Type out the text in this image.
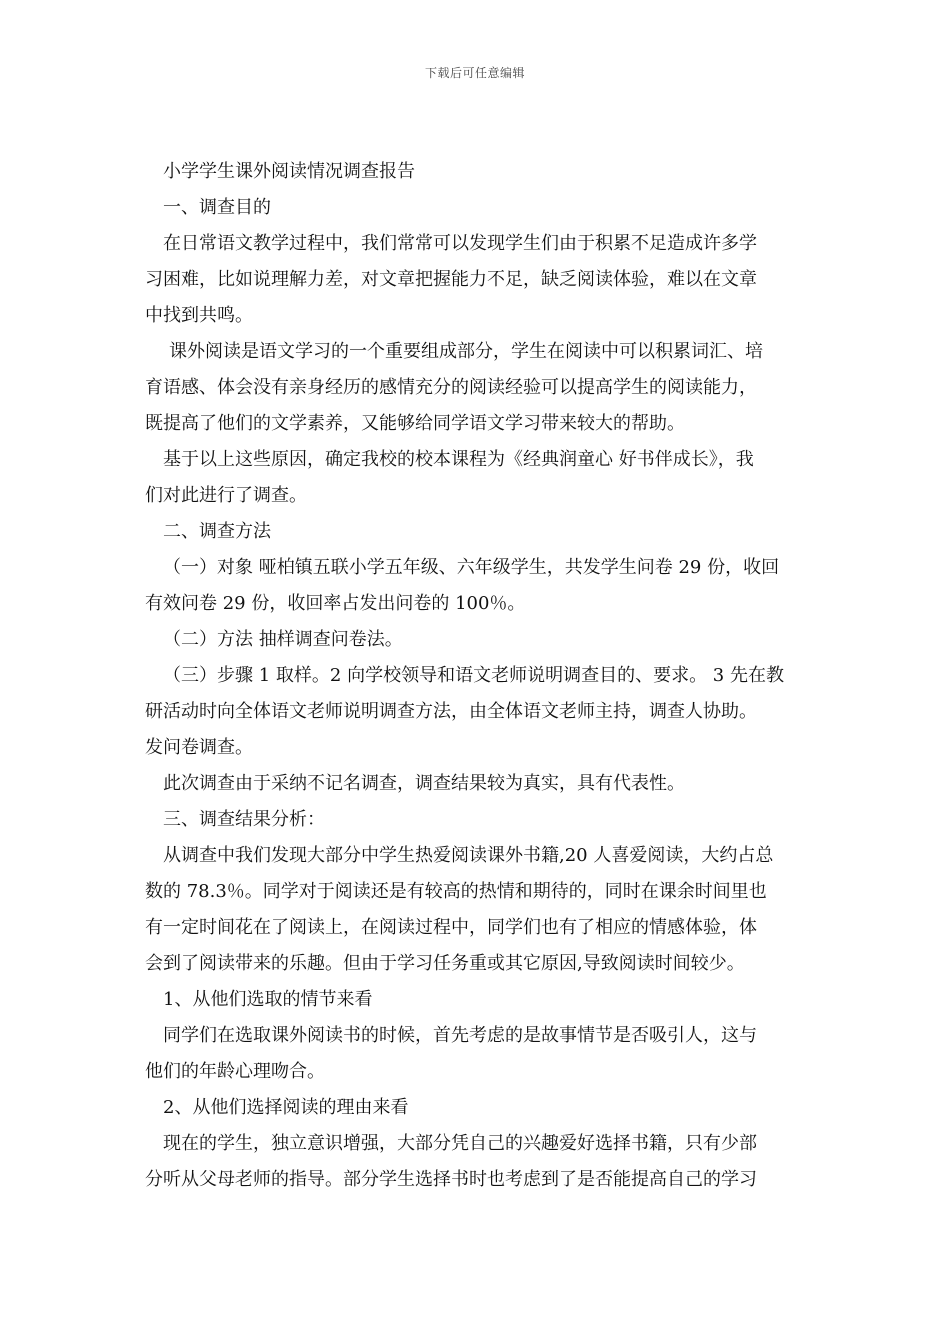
下载后可任意编辑
小学学生课外阅读情况调查报告
一、调查目的
在日常语文教学过程中，我们常常可以发现学生们由于积累不足造成许多学
习困难，比如说理解力差，对文章把握能力不足，缺乏阅读体验，难以在文章
中找到共鸣。
课外阅读是语文学习的一个重要组成部分，学生在阅读中可以积累词汇、培
育语感、体会没有亲身经历的感情充分的阅读经验可以提高学生的阅读能力，
既提高了他们的文学素养，又能够给同学语文学习带来较大的帮助。
基于以上这些原因，确定我校的校本课程为《经典润童心 好书伴成长》，我
们对此进行了调查。
二、调查方法
（一）对象 哑柏镇五联小学五年级、六年级学生，共发学生问卷 29 份，收回
有效问卷 29 份，收回率占发出问卷的 100％。
（二）方法 抽样调查问卷法。
（三）步骤 1 取样。2 向学校领导和语文老师说明调查目的、要求。 3 先在教
研活动时向全体语文老师说明调查方法，由全体语文老师主持，调查人协助。
发问卷调查。
此次调查由于采纳不记名调查，调查结果较为真实，具有代表性。
三、调查结果分析：
从调查中我们发现大部分中学生热爱阅读课外书籍,20 人喜爱阅读，大约占总
数的 78.3％。同学对于阅读还是有较高的热情和期待的，同时在课余时间里也
有一定时间花在了阅读上，在阅读过程中，同学们也有了相应的情感体验，体
会到了阅读带来的乐趣。但由于学习任务重或其它原因,导致阅读时间较少。
1、从他们选取的情节来看
同学们在选取课外阅读书的时候，首先考虑的是故事情节是否吸引人，这与
他们的年龄心理吻合。
2、从他们选择阅读的理由来看
现在的学生，独立意识增强，大部分凭自己的兴趣爱好选择书籍，只有少部
分听从父母老师的指导。部分学生选择书时也考虑到了是否能提高自己的学习
